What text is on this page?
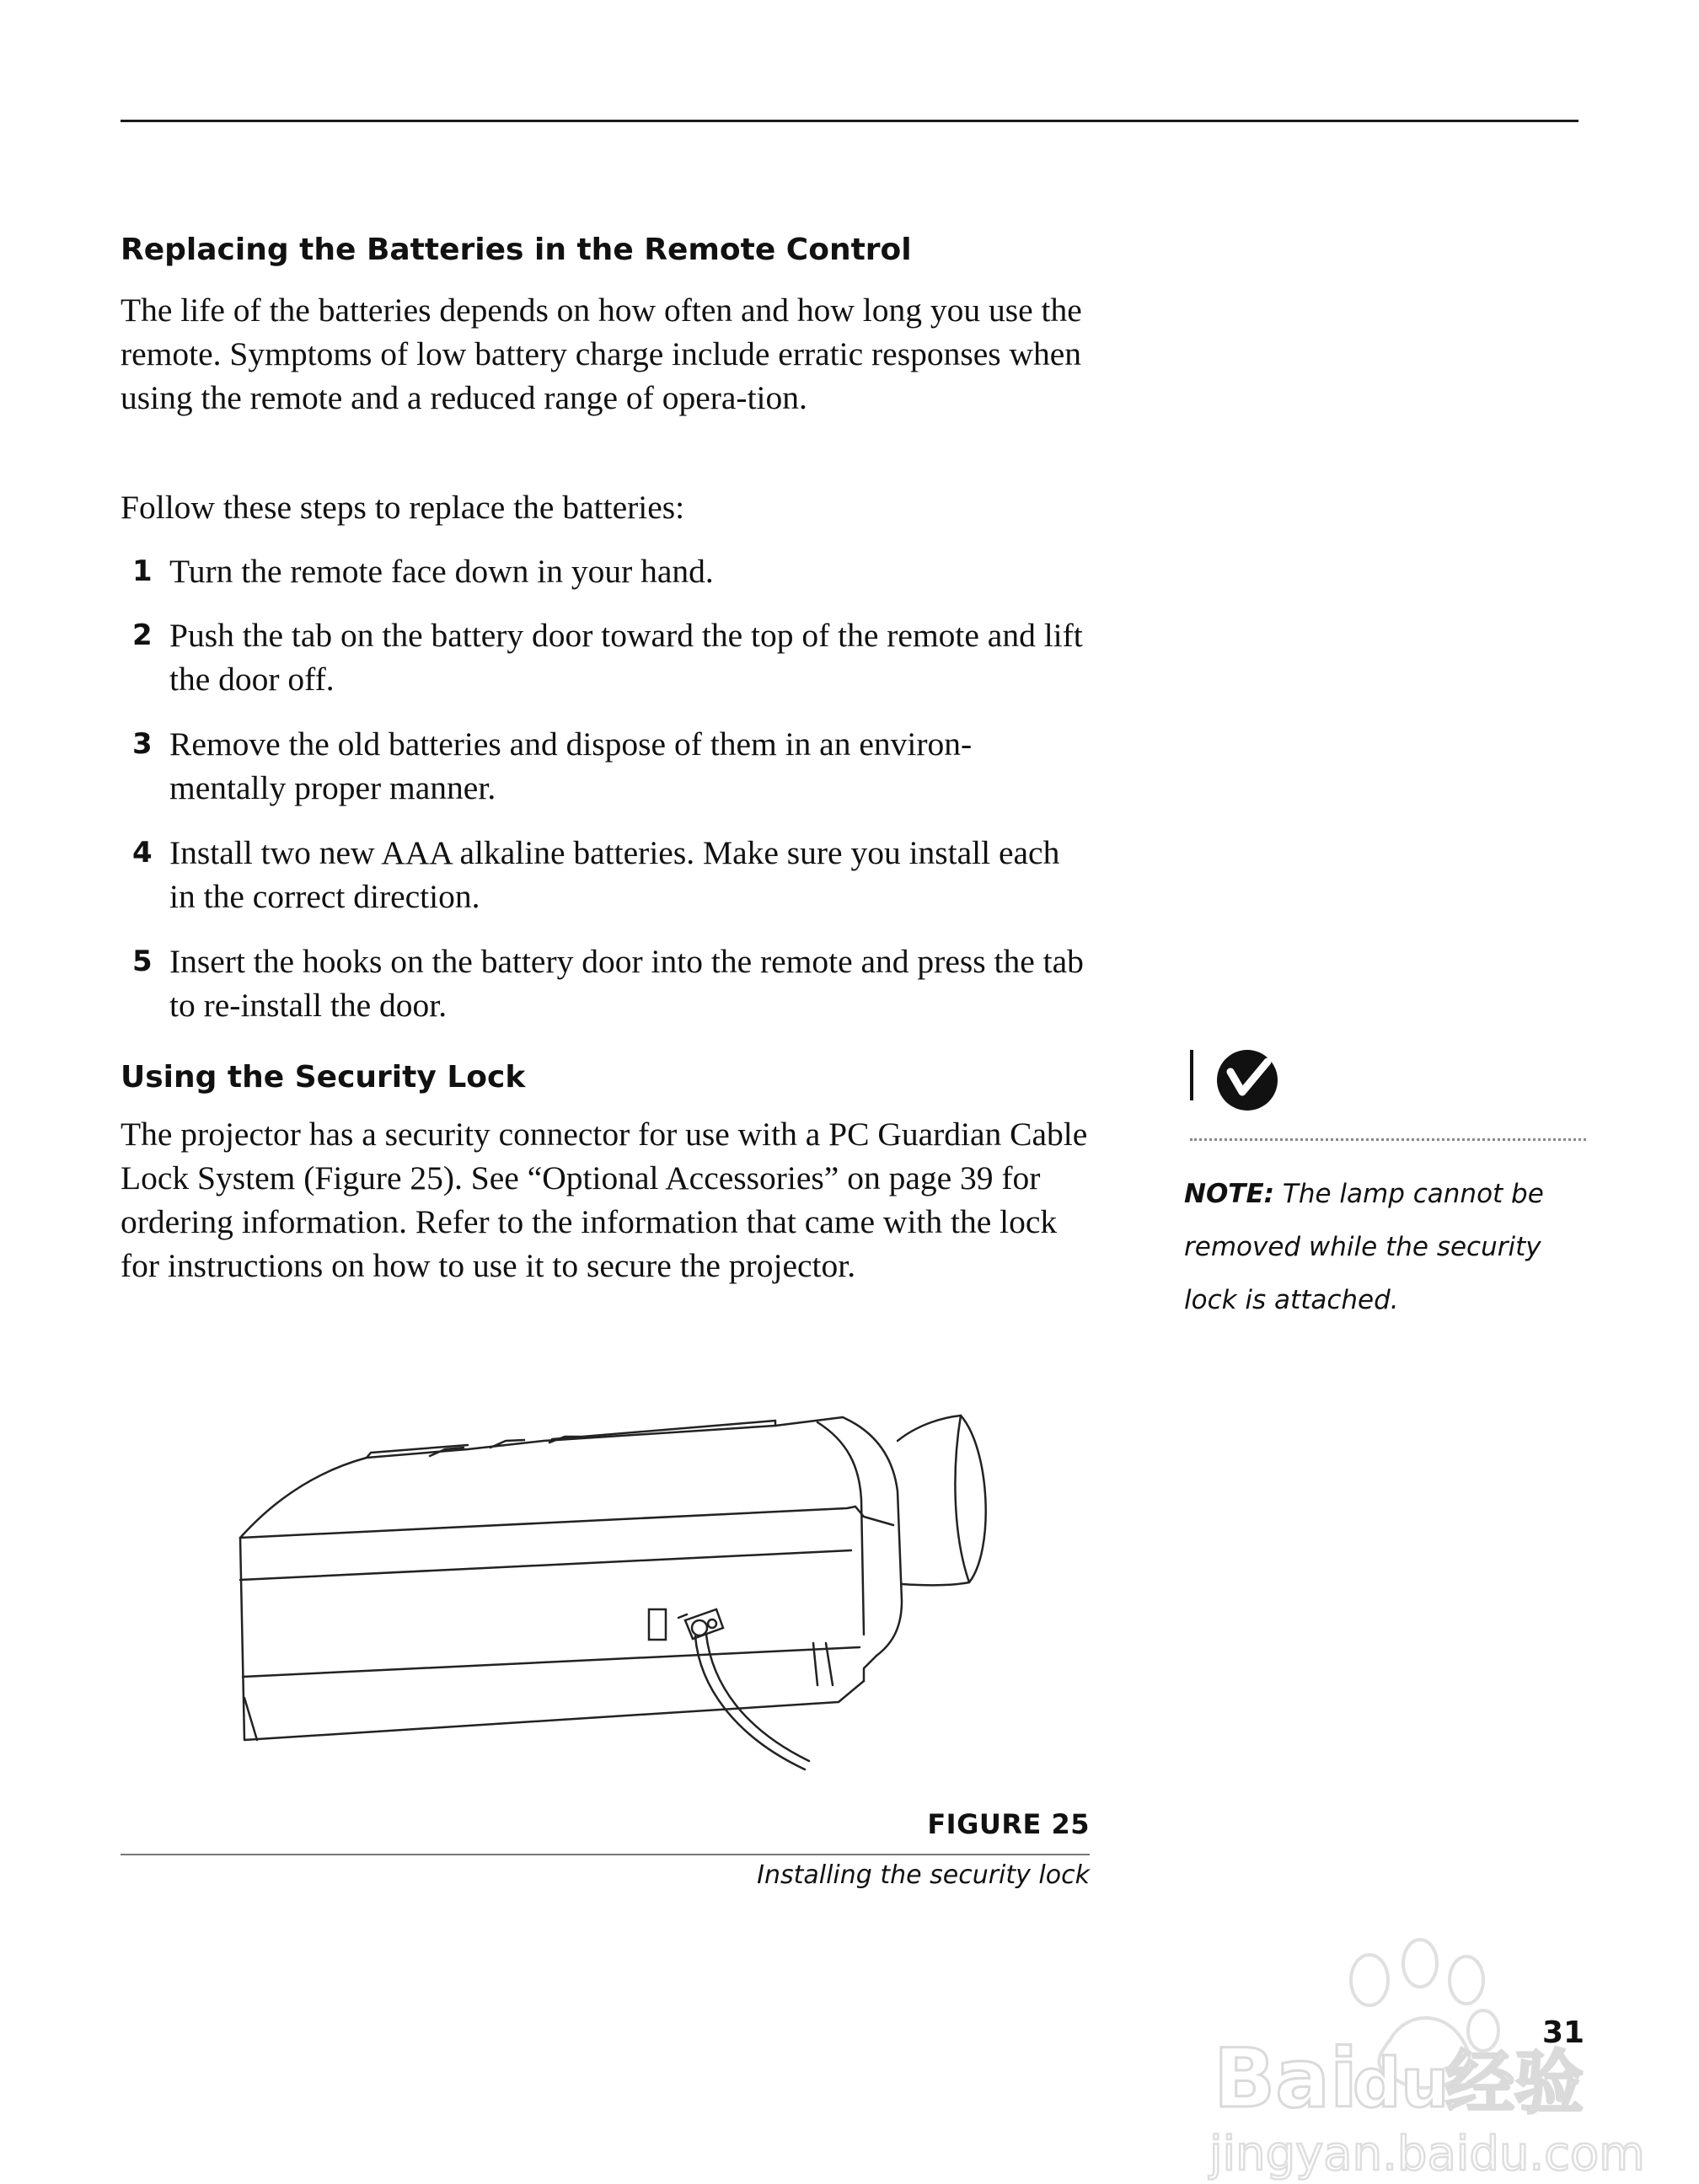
Replacing the Batteries in the Remote Control
The life of the batteries depends on how often and how long you use the remote. Symptoms of low battery charge include erratic responses when using the remote and a reduced range of opera-tion.
Follow these steps to replace the batteries:
1 Turn the remote face down in your hand.
2 Push the tab on the battery door toward the top of the remote and lift the door off.
3 Remove the old batteries and dispose of them in an environ-mentally proper manner.
4 Install two new AAA alkaline batteries. Make sure you install each in the correct direction.
5 Insert the hooks on the battery door into the remote and press the tab to re-install the door.
Using the Security Lock
The projector has a security connector for use with a PC Guardian Cable Lock System (Figure 25). See “Optional Accessories” on page 39 for ordering information. Refer to the information that came with the lock for instructions on how to use it to secure the projector.
FIGURE 25
Installing the security lock
NOTE: The lamp cannot be removed while the security lock is attached.
31
Bai
du
经验
jingyan.baidu.com
